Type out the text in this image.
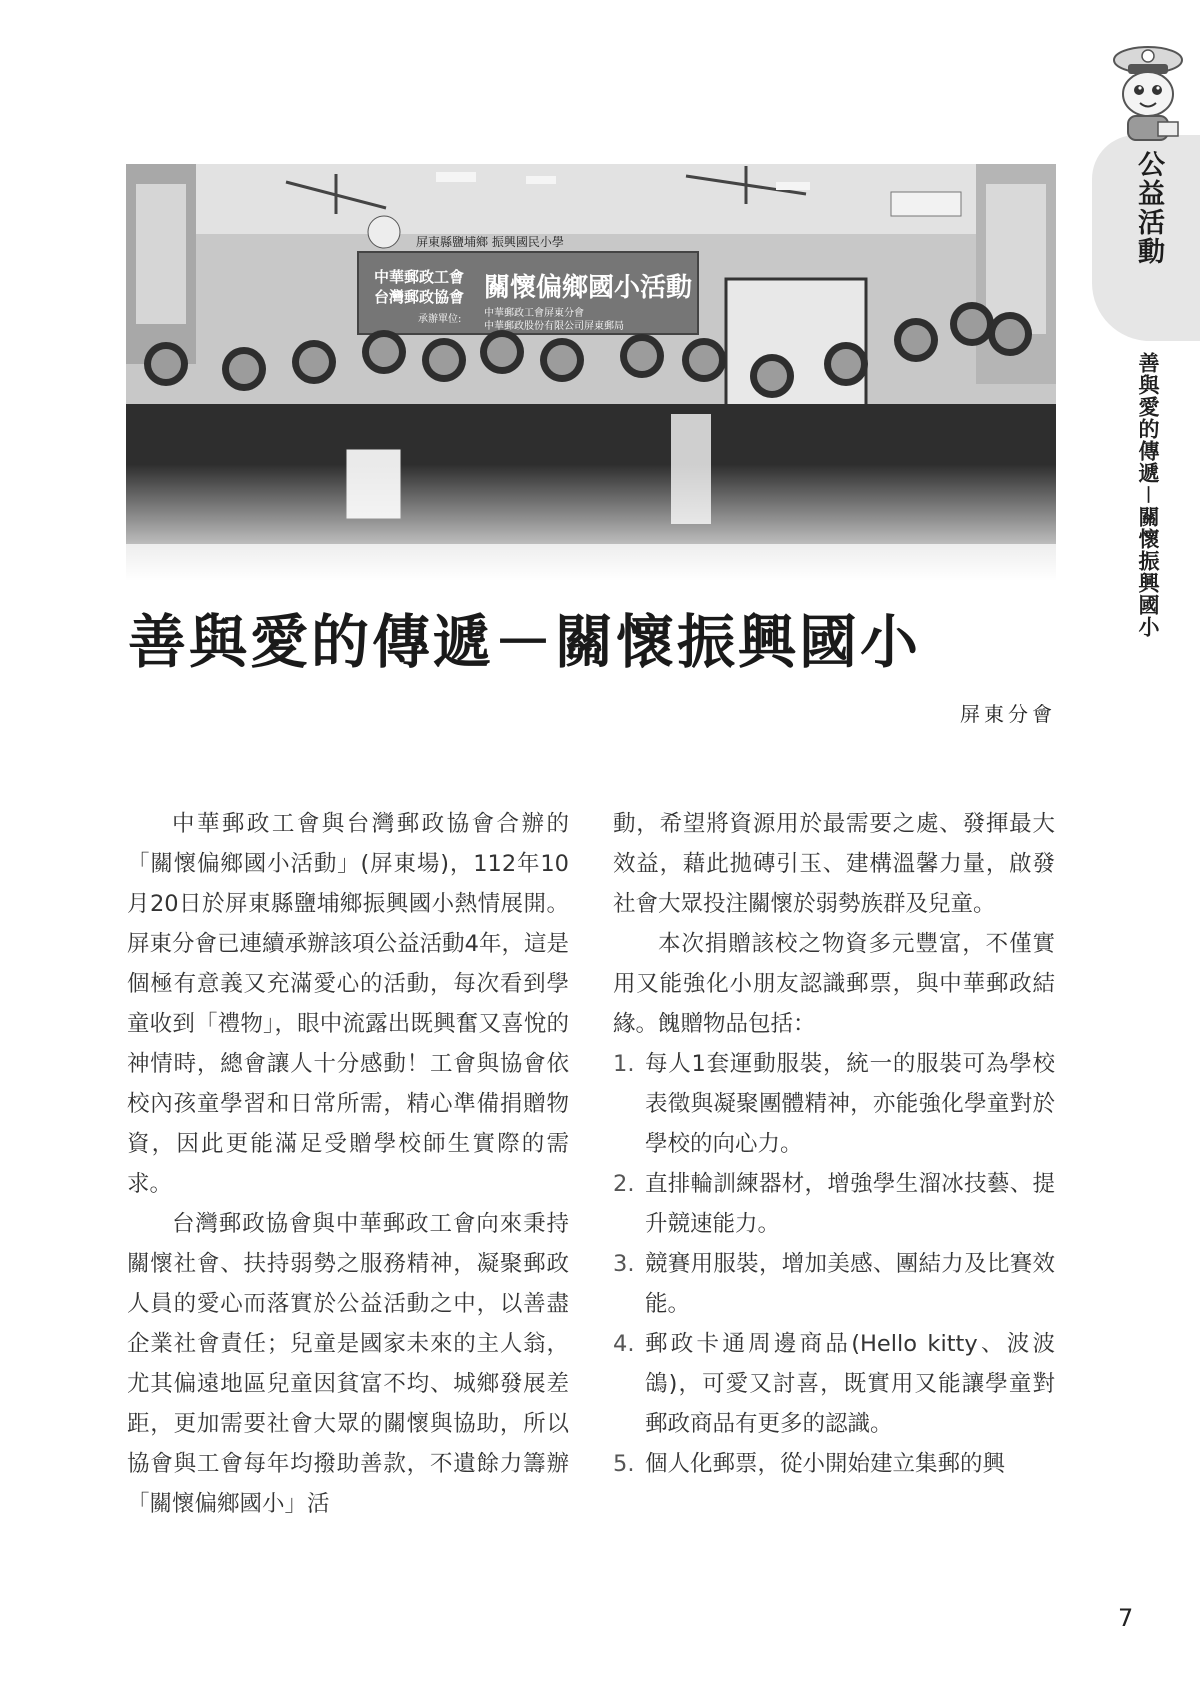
公益活動
善與愛的傳遞－關懷振興國小
善與愛的傳遞－關懷振興國小
屏東分會

中華郵政工會與台灣郵政協會合辦的「關懷偏鄉國小活動」(屏東場)，112年10月20日於屏東縣鹽埔鄉振興國小熱情展開。屏東分會已連續承辦該項公益活動4年，這是個極有意義又充滿愛心的活動，每次看到學童收到「禮物」，眼中流露出既興奮又喜悅的神情時，總會讓人十分感動！工會與協會依校內孩童學習和日常所需，精心準備捐贈物資，因此更能滿足受贈學校師生實際的需求。

台灣郵政協會與中華郵政工會向來秉持關懷社會、扶持弱勢之服務精神，凝聚郵政人員的愛心而落實於公益活動之中，以善盡企業社會責任；兒童是國家未來的主人翁，尤其偏遠地區兒童因貧富不均、城鄉發展差距，更加需要社會大眾的關懷與協助，所以協會與工會每年均撥助善款，不遺餘力籌辦「關懷偏鄉國小」活

動，希望將資源用於最需要之處、發揮最大效益，藉此拋磚引玉、建構溫馨力量，啟發社會大眾投注關懷於弱勢族群及兒童。

本次捐贈該校之物資多元豐富，不僅實用又能強化小朋友認識郵票，與中華郵政結緣。餽贈物品包括：

1. 每人1套運動服裝，統一的服裝可為學校表徵與凝聚團體精神，亦能強化學童對於學校的向心力。
2. 直排輪訓練器材，增強學生溜冰技藝、提升競速能力。
3. 競賽用服裝，增加美感、團結力及比賽效能。
4. 郵政卡通周邊商品(Hello kitty、波波鴿)，可愛又討喜，既實用又能讓學童對郵政商品有更多的認識。
5. 個人化郵票，從小開始建立集郵的興
7
